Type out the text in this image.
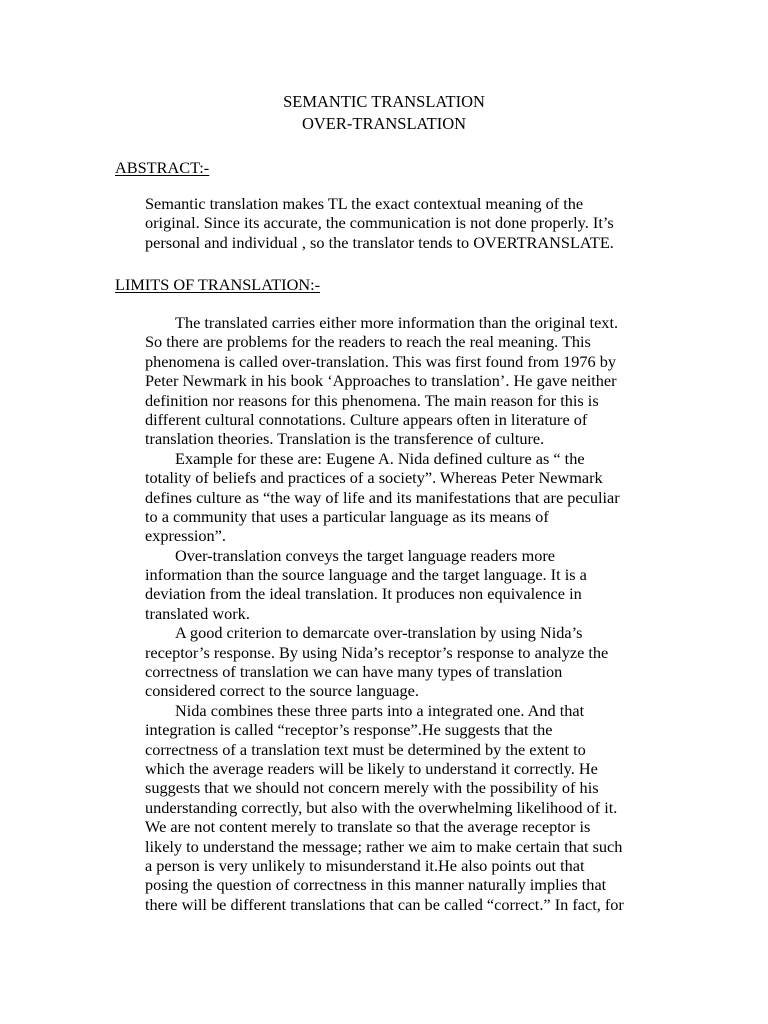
SEMANTIC TRANSLATION
OVER-TRANSLATION
ABSTRACT:-

Semantic translation makes TL the exact contextual meaning of the
original. Since its accurate, the communication is not done properly. It’s
personal and individual , so the translator tends to OVERTRANSLATE.

LIMITS OF TRANSLATION:-

The translated carries either more information than the original text.
So there are problems for the readers to reach the real meaning. This
phenomena is called over-translation. This was first found from 1976 by
Peter Newmark in his book ‘Approaches to translation’. He gave neither
definition nor reasons for this phenomena. The main reason for this is
different cultural connotations. Culture appears often in literature of
translation theories. Translation is the transference of culture.

Example for these are: Eugene A. Nida defined culture as “ the
totality of beliefs and practices of a society”. Whereas Peter Newmark
defines culture as “the way of life and its manifestations that are peculiar
to a community that uses a particular language as its means of
expression”.

Over-translation conveys the target language readers more
information than the source language and the target language. It is a
deviation from the ideal translation. It produces non equivalence in
translated work.

A good criterion to demarcate over-translation by using Nida’s
receptor’s response. By using Nida’s receptor’s response to analyze the
correctness of translation we can have many types of translation
considered correct to the source language.

Nida combines these three parts into a integrated one. And that
integration is called “receptor’s response”.He suggests that the
correctness of a translation text must be determined by the extent to
which the average readers will be likely to understand it correctly. He
suggests that we should not concern merely with the possibility of his
understanding correctly, but also with the overwhelming likelihood of it.
We are not content merely to translate so that the average receptor is
likely to understand the message; rather we aim to make certain that such
a person is very unlikely to misunderstand it.He also points out that
posing the question of correctness in this manner naturally implies that
there will be different translations that can be called “correct.” In fact, for
